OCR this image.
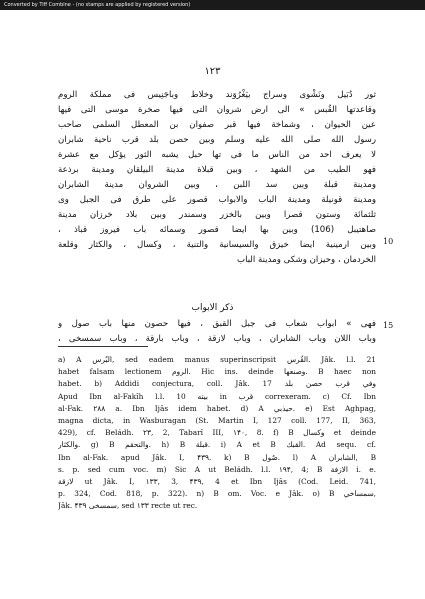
Converted by Tiff Combine - (no stamps are applied by registered version)
١٢٣
ثور دُبَيل ونَشْوى وسراج بيَغْرُوَند وخلاط وباجَنِيس فى مملكة الروم
وقاعدتها القُبس » الى ارض شروان التى فيها صخرة موسى التى فيها
عين الحيوان ، وشماخة فيها قبر صفوان بن المعطل السلمى صاحب
رسول الله صلى الله عليه وسلم وبين حصن بلد قرب ناحية شابران
لا يعرف احد من الناس ما فى تها حبل يشبه الثور يؤكل مع عشرة
فهو الطيب من الشهد ، وبين قبلاة مدينة البيلقان ومدينة برذعة
ومدينة قبلة وبين سد اللبن ، وبين الشروان مدينة الشابران
ومدينة قونيلة ومدينة الباب والابواب قصور على طرق فى الجبل وى
ثلثمائة وستون قصرا وبين بالخزر وسمندر وبين بلاد خرزان مدينة
صاهتيبل (106) وبين بها ايضا قصور وسمائه باب فيروز قباذ ،
وبين ارمينية ايضا خيزق والسيسانية والتنية ، وكسال ، والكثار وقلعة
الخردمان ، وحيزان وشكى ومدينة الباب
10
ذكر الابواب
فهى » ابواب شعاب فى جبل القبق ، فيها حصون منها باب صول و
وباب اللان وباب الشابران ، وباب لازقة ، وباب بارقة ، وباب سمسخى ،
15
a) A البُرس, sed eadem manus superinscripsit القُرس. Jâk. l.l. 21
habet falsam lectionem الروم. Hic ins. deinde وصنعها. B haec non
habet. b) Addidi conjectura, coll. Jâk. 17 وفي قرب حصن بلد
Apud Ibn al-Fakîh l.l. 10 بيته in قرب correxeram. c) Cf. Ibn
al-Fak. ۲۸۸ a. Ibn Ijâs idem habet. d) A حيذبي. e) Est Aghpag,
magna dicta, in Wasburagan (St. Martin I, 127 coll. 177, II, 363,
429), cf. Beládh. ۲۳, 2, Tabarî III, ۱۴۰, 8. f) B وكسال et deinde
والكثار. g) B والتحقم. h) B قبلة. i) A et B القبك. Ad sequ. cf.
Ibn al-Fak. apud Jâk. I, ۴۳۹. k) B صُول. l) A الشابران, B
s. p. sed cum voc. m) Sic A ut Beládh. l.l. ۱۹۴, 4; B الازفة i. e.
لازقة ut Jâk. I, ۱۳۳, 3, ۴۳۹, 4 et Ibn Ijâs (Cod. Leid. 741,
p. 324, Cod. 818, p. 322). n) B om. Voc. e Jâk. o) B سمساخي,
Jâk. ۴۳۹ سمسخى, sed ۱۳۳ recte ut rec.
